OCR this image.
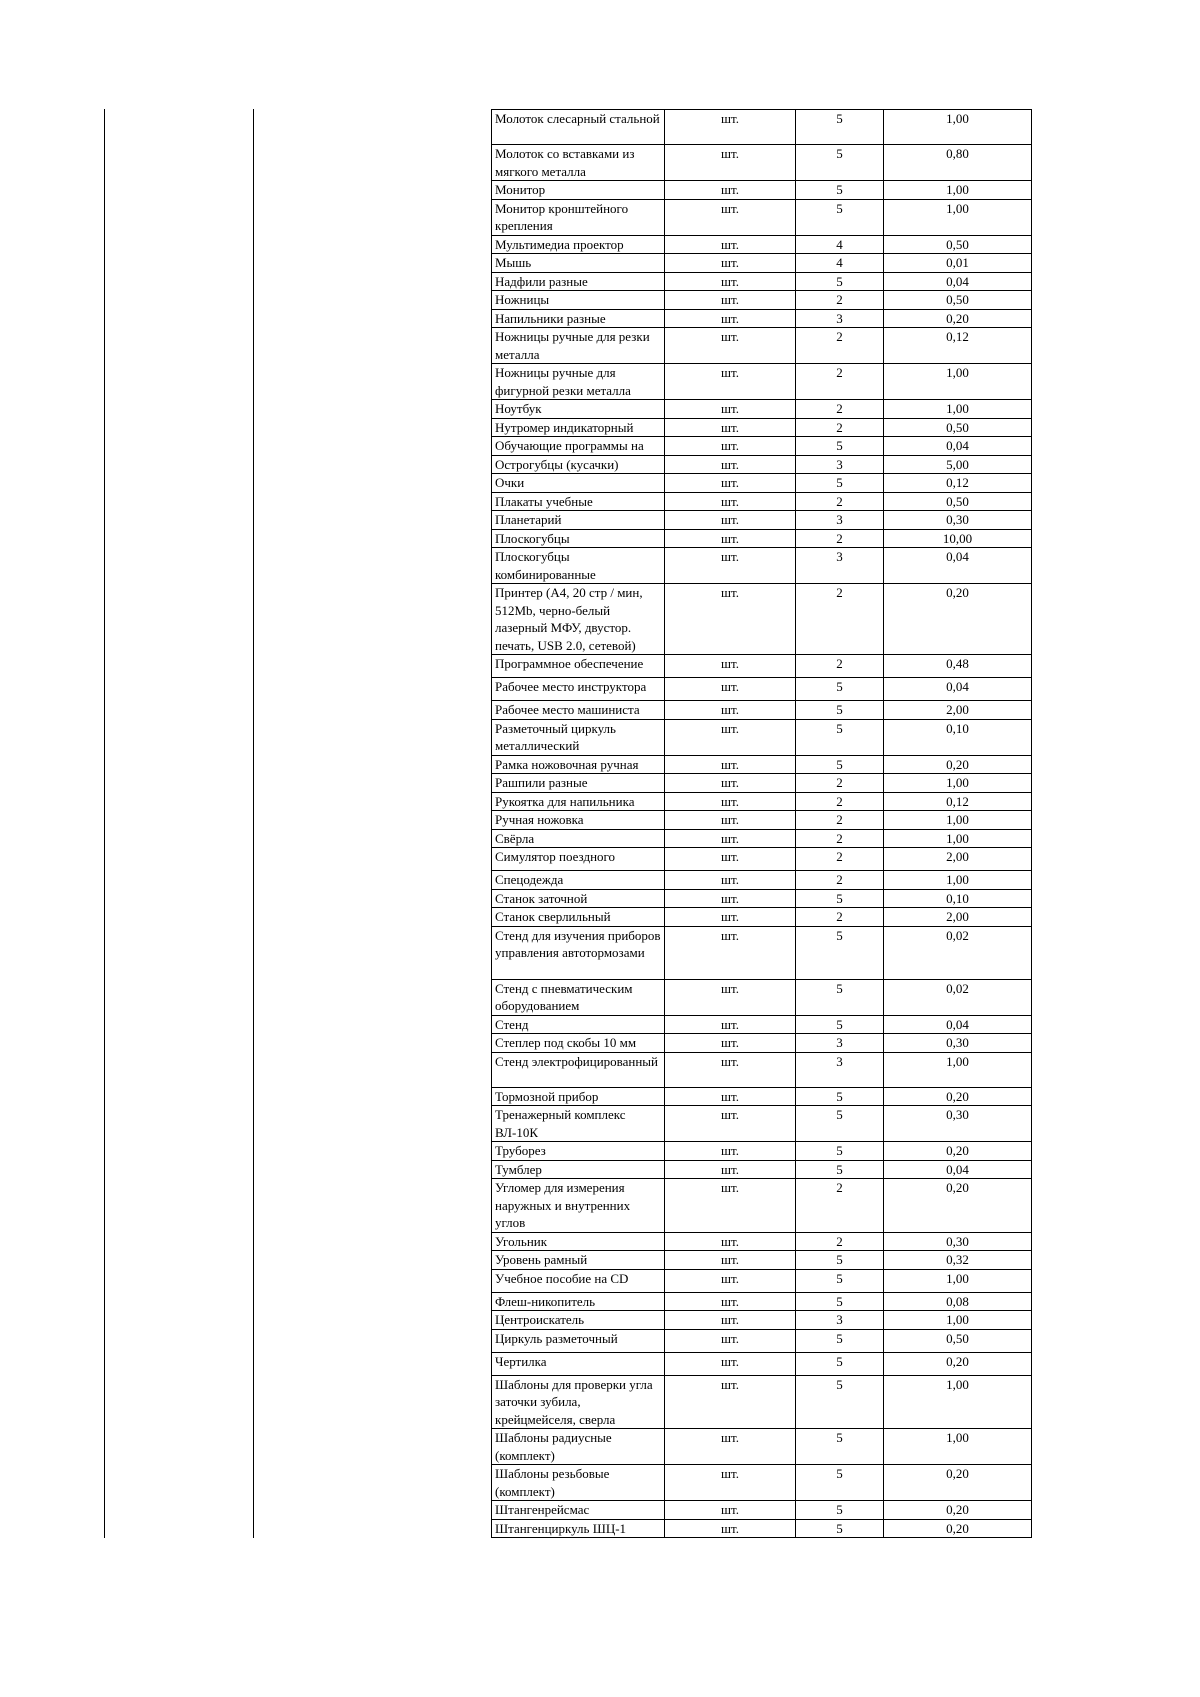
Молоток слесарный стальной	шт.	5	1,00
Молоток со вставками из мягкого металла	шт.	5	0,80
Монитор	шт.	5	1,00
Монитор кронштейного крепления	шт.	5	1,00
Мультимедиа проектор	шт.	4	0,50
Мышь	шт.	4	0,01
Надфили разные	шт.	5	0,04
Ножницы	шт.	2	0,50
Напильники разные	шт.	3	0,20
Ножницы ручные для резки металла	шт.	2	0,12
Ножницы ручные для фигурной резки металла	шт.	2	1,00
Ноутбук	шт.	2	1,00
Нутромер индикаторный	шт.	2	0,50
Обучающие программы на	шт.	5	0,04
Острогубцы (кусачки)	шт.	3	5,00
Очки	шт.	5	0,12
Плакаты учебные	шт.	2	0,50
Планетарий	шт.	3	0,30
Плоскогубцы	шт.	2	10,00
Плоскогубцы комбинированные	шт.	3	0,04
Принтер (А4, 20 стр / мин, 512Mb, черно-белый лазерный МФУ, двустор. печать, USB 2.0, сетевой)	шт.	2	0,20
Программное обеспечение	шт.	2	0,48
Рабочее место инструктора	шт.	5	0,04
Рабочее место машиниста	шт.	5	2,00
Разметочный циркуль металлический	шт.	5	0,10
Рамка ножовочная ручная	шт.	5	0,20
Рашпили разные	шт.	2	1,00
Рукоятка для напильника	шт.	2	0,12
Ручная ножовка	шт.	2	1,00
Свёрла	шт.	2	1,00
Симулятор поездного	шт.	2	2,00
Спецодежда	шт.	2	1,00
Станок заточной	шт.	5	0,10
Станок сверлильный	шт.	2	2,00
Стенд для изучения приборов управления автотормозами	шт.	5	0,02
Стенд с пневматическим оборудованием	шт.	5	0,02
Стенд	шт.	5	0,04
Степлер под скобы 10 мм	шт.	3	0,30
Стенд электрофицированный	шт.	3	1,00
Тормозной прибор	шт.	5	0,20
Тренажерный комплекс ВЛ-10К	шт.	5	0,30
Труборез	шт.	5	0,20
Тумблер	шт.	5	0,04
Угломер для измерения наружных и внутренних углов	шт.	2	0,20
Угольник	шт.	2	0,30
Уровень рамный	шт.	5	0,32
Учебное пособие на CD	шт.	5	1,00
Флеш-никопитель	шт.	5	0,08
Центроискатель	шт.	3	1,00
Циркуль разметочный	шт.	5	0,50
Чертилка	шт.	5	0,20
Шаблоны для проверки угла заточки зубила, крейцмейселя, сверла	шт.	5	1,00
Шаблоны радиусные (комплект)	шт.	5	1,00
Шаблоны резьбовые (комплект)	шт.	5	0,20
Штангенрейсмас	шт.	5	0,20
Штангенциркуль ШЦ-1	шт.	5	0,20
